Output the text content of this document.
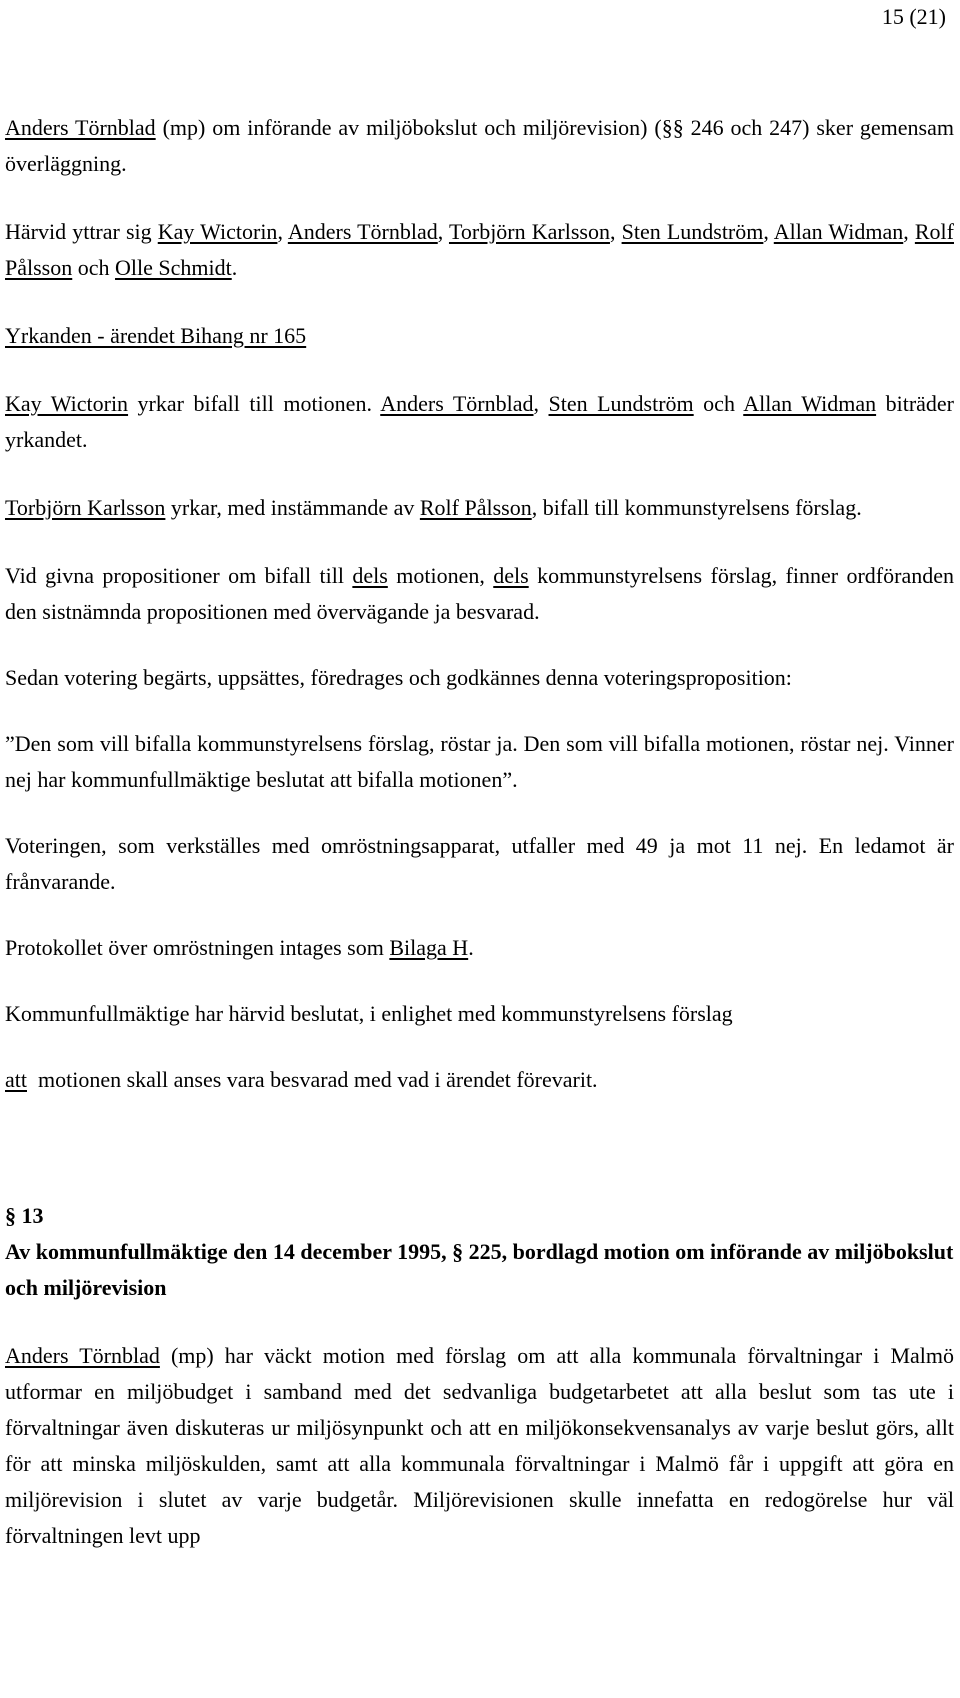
15 (21)

Anders Törnblad (mp) om införande av miljöbokslut och miljörevision) (§§ 246 och 247) sker gemensam överläggning.

Härvid yttrar sig Kay Wictorin, Anders Törnblad, Torbjörn Karlsson, Sten Lundström, Allan Widman, Rolf Pålsson och Olle Schmidt.

Yrkanden - ärendet Bihang nr 165

Kay Wictorin yrkar bifall till motionen. Anders Törnblad, Sten Lundström och Allan Widman biträder yrkandet.

Torbjörn Karlsson yrkar, med instämmande av Rolf Pålsson, bifall till kommunstyrelsens förslag.

Vid givna propositioner om bifall till dels motionen, dels kommunstyrelsens förslag, finner ordföranden den sistnämnda propositionen med övervägande ja besvarad.

Sedan votering begärts, uppsättes, föredrages och godkännes denna voteringsproposition:

”Den som vill bifalla kommunstyrelsens förslag, röstar ja. Den som vill bifalla motionen, röstar nej. Vinner nej har kommunfullmäktige beslutat att bifalla motionen”.

Voteringen, som verkställes med omröstningsapparat, utfaller med 49 ja mot 11 nej. En ledamot är frånvarande.

Protokollet över omröstningen intages som Bilaga H.

Kommunfullmäktige har härvid beslutat, i enlighet med kommunstyrelsens förslag

att  motionen skall anses vara besvarad med vad i ärendet förevarit.

§ 13

Av kommunfullmäktige den 14 december 1995, § 225, bordlagd motion om införande av miljöbokslut och miljörevision

Anders Törnblad (mp) har väckt motion med förslag om att alla kommunala förvaltningar i Malmö utformar en miljöbudget i samband med det sedvanliga budgetarbetet att alla beslut som tas ute i förvaltningar även diskuteras ur miljösynpunkt och att en miljökonsekvensanalys av varje beslut görs, allt för att minska miljöskulden, samt att alla kommunala förvaltningar i Malmö får i uppgift att göra en miljörevision i slutet av varje budgetår. Miljörevisionen skulle innefatta en redogörelse hur väl förvaltningen levt upp
